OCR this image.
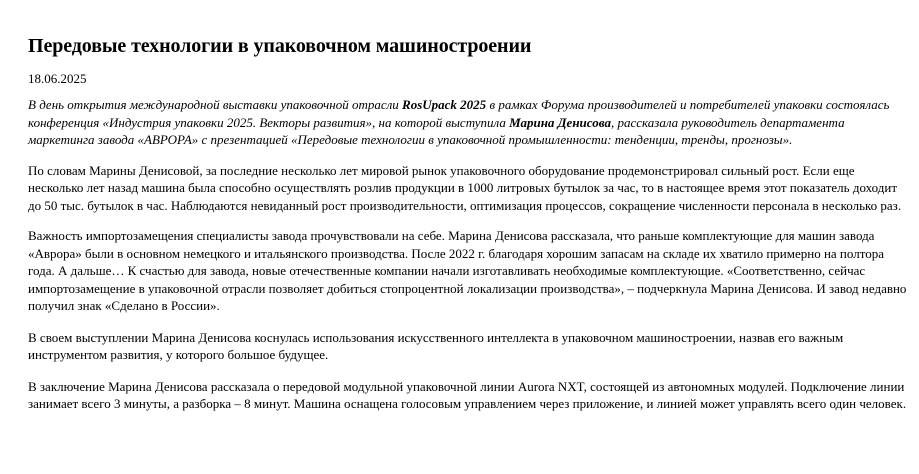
Передовые технологии в упаковочном машиностроении
18.06.2025
В день открытия международной выставки упаковочной отрасли RosUpack 2025 в рамках Форума производителей и потребителей упаковки состоялась конференция «Индустрия упаковки 2025. Векторы развития», на которой выступила Марина Денисова, рассказала руководитель департамента маркетинга завода «АВРОРА» с презентацией «Передовые технологии в упаковочной промышленности: тенденции, тренды, прогнозы».

По словам Марины Денисовой, за последние несколько лет мировой рынок упаковочного оборудование продемонстрировал сильный рост. Если еще несколько лет назад машина была способно осуществлять розлив продукции в 1000 литровых бутылок за час, то в настоящее время этот показатель доходит до 50 тыс. бутылок в час. Наблюдаются невиданный рост производительности, оптимизация процессов, сокращение численности персонала в несколько раз.

Важность импортозамещения специалисты завода прочувствовали на себе. Марина Денисова рассказала, что раньше комплектующие для машин завода «Аврора» были в основном немецкого и итальянского производства. После 2022 г. благодаря хорошим запасам на складе их хватило примерно на полтора года. А дальше… К счастью для завода, новые отечественные компании начали изготавливать необходимые комплектующие. «Соответственно, сейчас импортозамещение в упаковочной отрасли позволяет добиться стопроцентной локализации производства», – подчеркнула Марина Денисова. И завод недавно получил знак «Сделано в России».

В своем выступлении Марина Денисова коснулась использования искусственного интеллекта в упаковочном машиностроении, назвав его важным инструментом развития, у которого большое будущее.

В заключение Марина Денисова рассказала о передовой модульной упаковочной линии Aurora NXT, состоящей из автономных модулей. Подключение линии занимает всего 3 минуты, а разборка – 8 минут. Машина оснащена голосовым управлением через приложение, и линией может управлять всего один человек.
